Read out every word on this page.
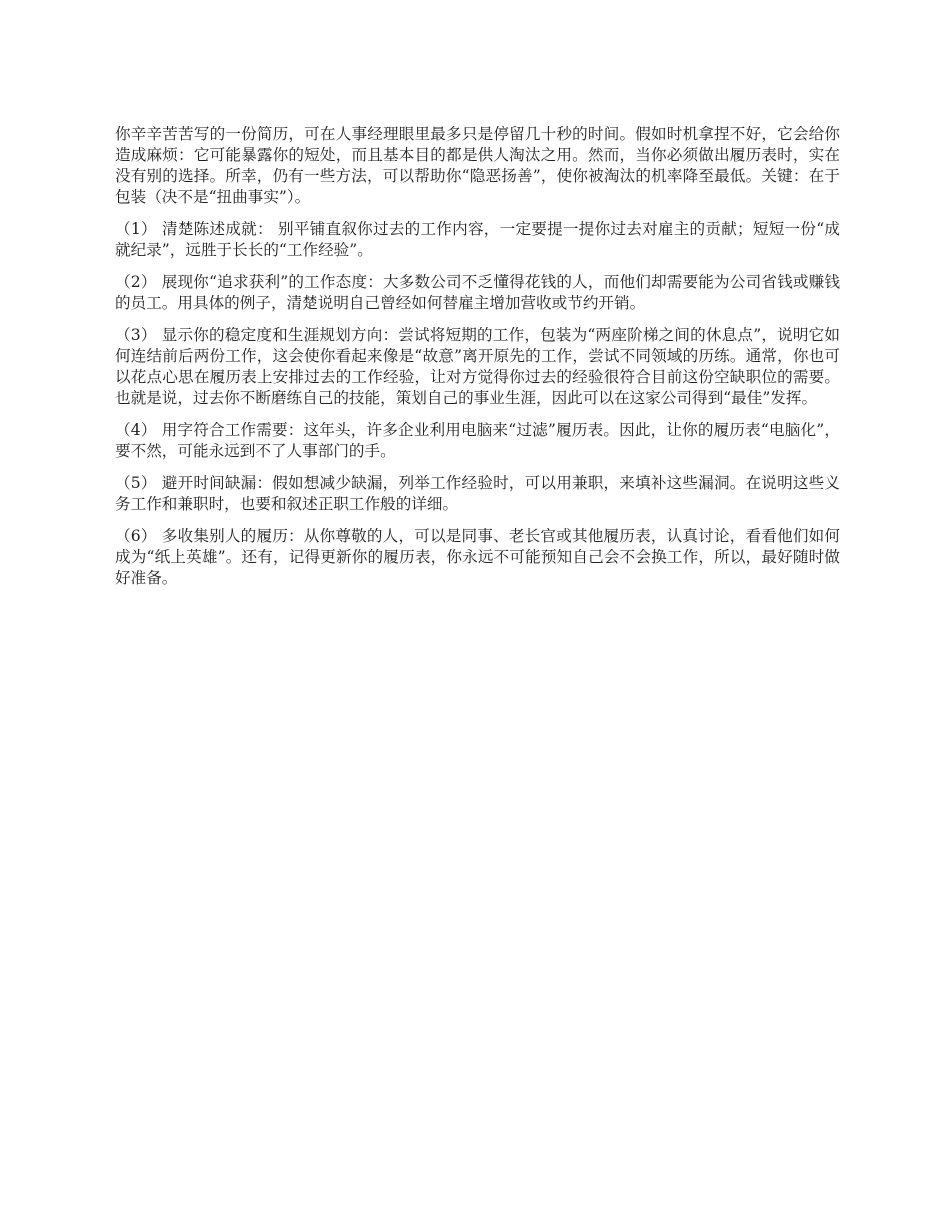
你辛辛苦苦写的一份简历，可在人事经理眼里最多只是停留几十秒的时间。假如时机拿捏不好，它会给你造成麻烦：它可能暴露你的短处，而且基本目的都是供人淘汰之用。然而，当你必须做出履历表时，实在没有别的选择。所幸，仍有一些方法，可以帮助你“隐恶扬善”，使你被淘汰的机率降至最低。关键：在于包装（决不是“扭曲事实”）。

（1） 清楚陈述成就： 别平铺直叙你过去的工作内容，一定要提一提你过去对雇主的贡献；短短一份“成就纪录”，远胜于长长的“工作经验”。

（2） 展现你“追求获利”的工作态度：大多数公司不乏懂得花钱的人，而他们却需要能为公司省钱或赚钱的员工。用具体的例子，清楚说明自己曾经如何替雇主增加营收或节约开销。

（3） 显示你的稳定度和生涯规划方向：尝试将短期的工作，包装为“两座阶梯之间的休息点”，说明它如何连结前后两份工作，这会使你看起来像是“故意”离开原先的工作，尝试不同领域的历练。通常，你也可以花点心思在履历表上安排过去的工作经验，让对方觉得你过去的经验很符合目前这份空缺职位的需要。也就是说，过去你不断磨练自己的技能，策划自己的事业生涯，因此可以在这家公司得到“最佳”发挥。

（4） 用字符合工作需要：这年头，许多企业利用电脑来“过滤”履历表。因此，让你的履历表“电脑化”，要不然，可能永远到不了人事部门的手。

（5） 避开时间缺漏：假如想减少缺漏，列举工作经验时，可以用兼职，来填补这些漏洞。在说明这些义务工作和兼职时，也要和叙述正职工作般的详细。

（6） 多收集别人的履历：从你尊敬的人，可以是同事、老长官或其他履历表，认真讨论，看看他们如何成为“纸上英雄”。还有，记得更新你的履历表，你永远不可能预知自己会不会换工作，所以，最好随时做好准备。
